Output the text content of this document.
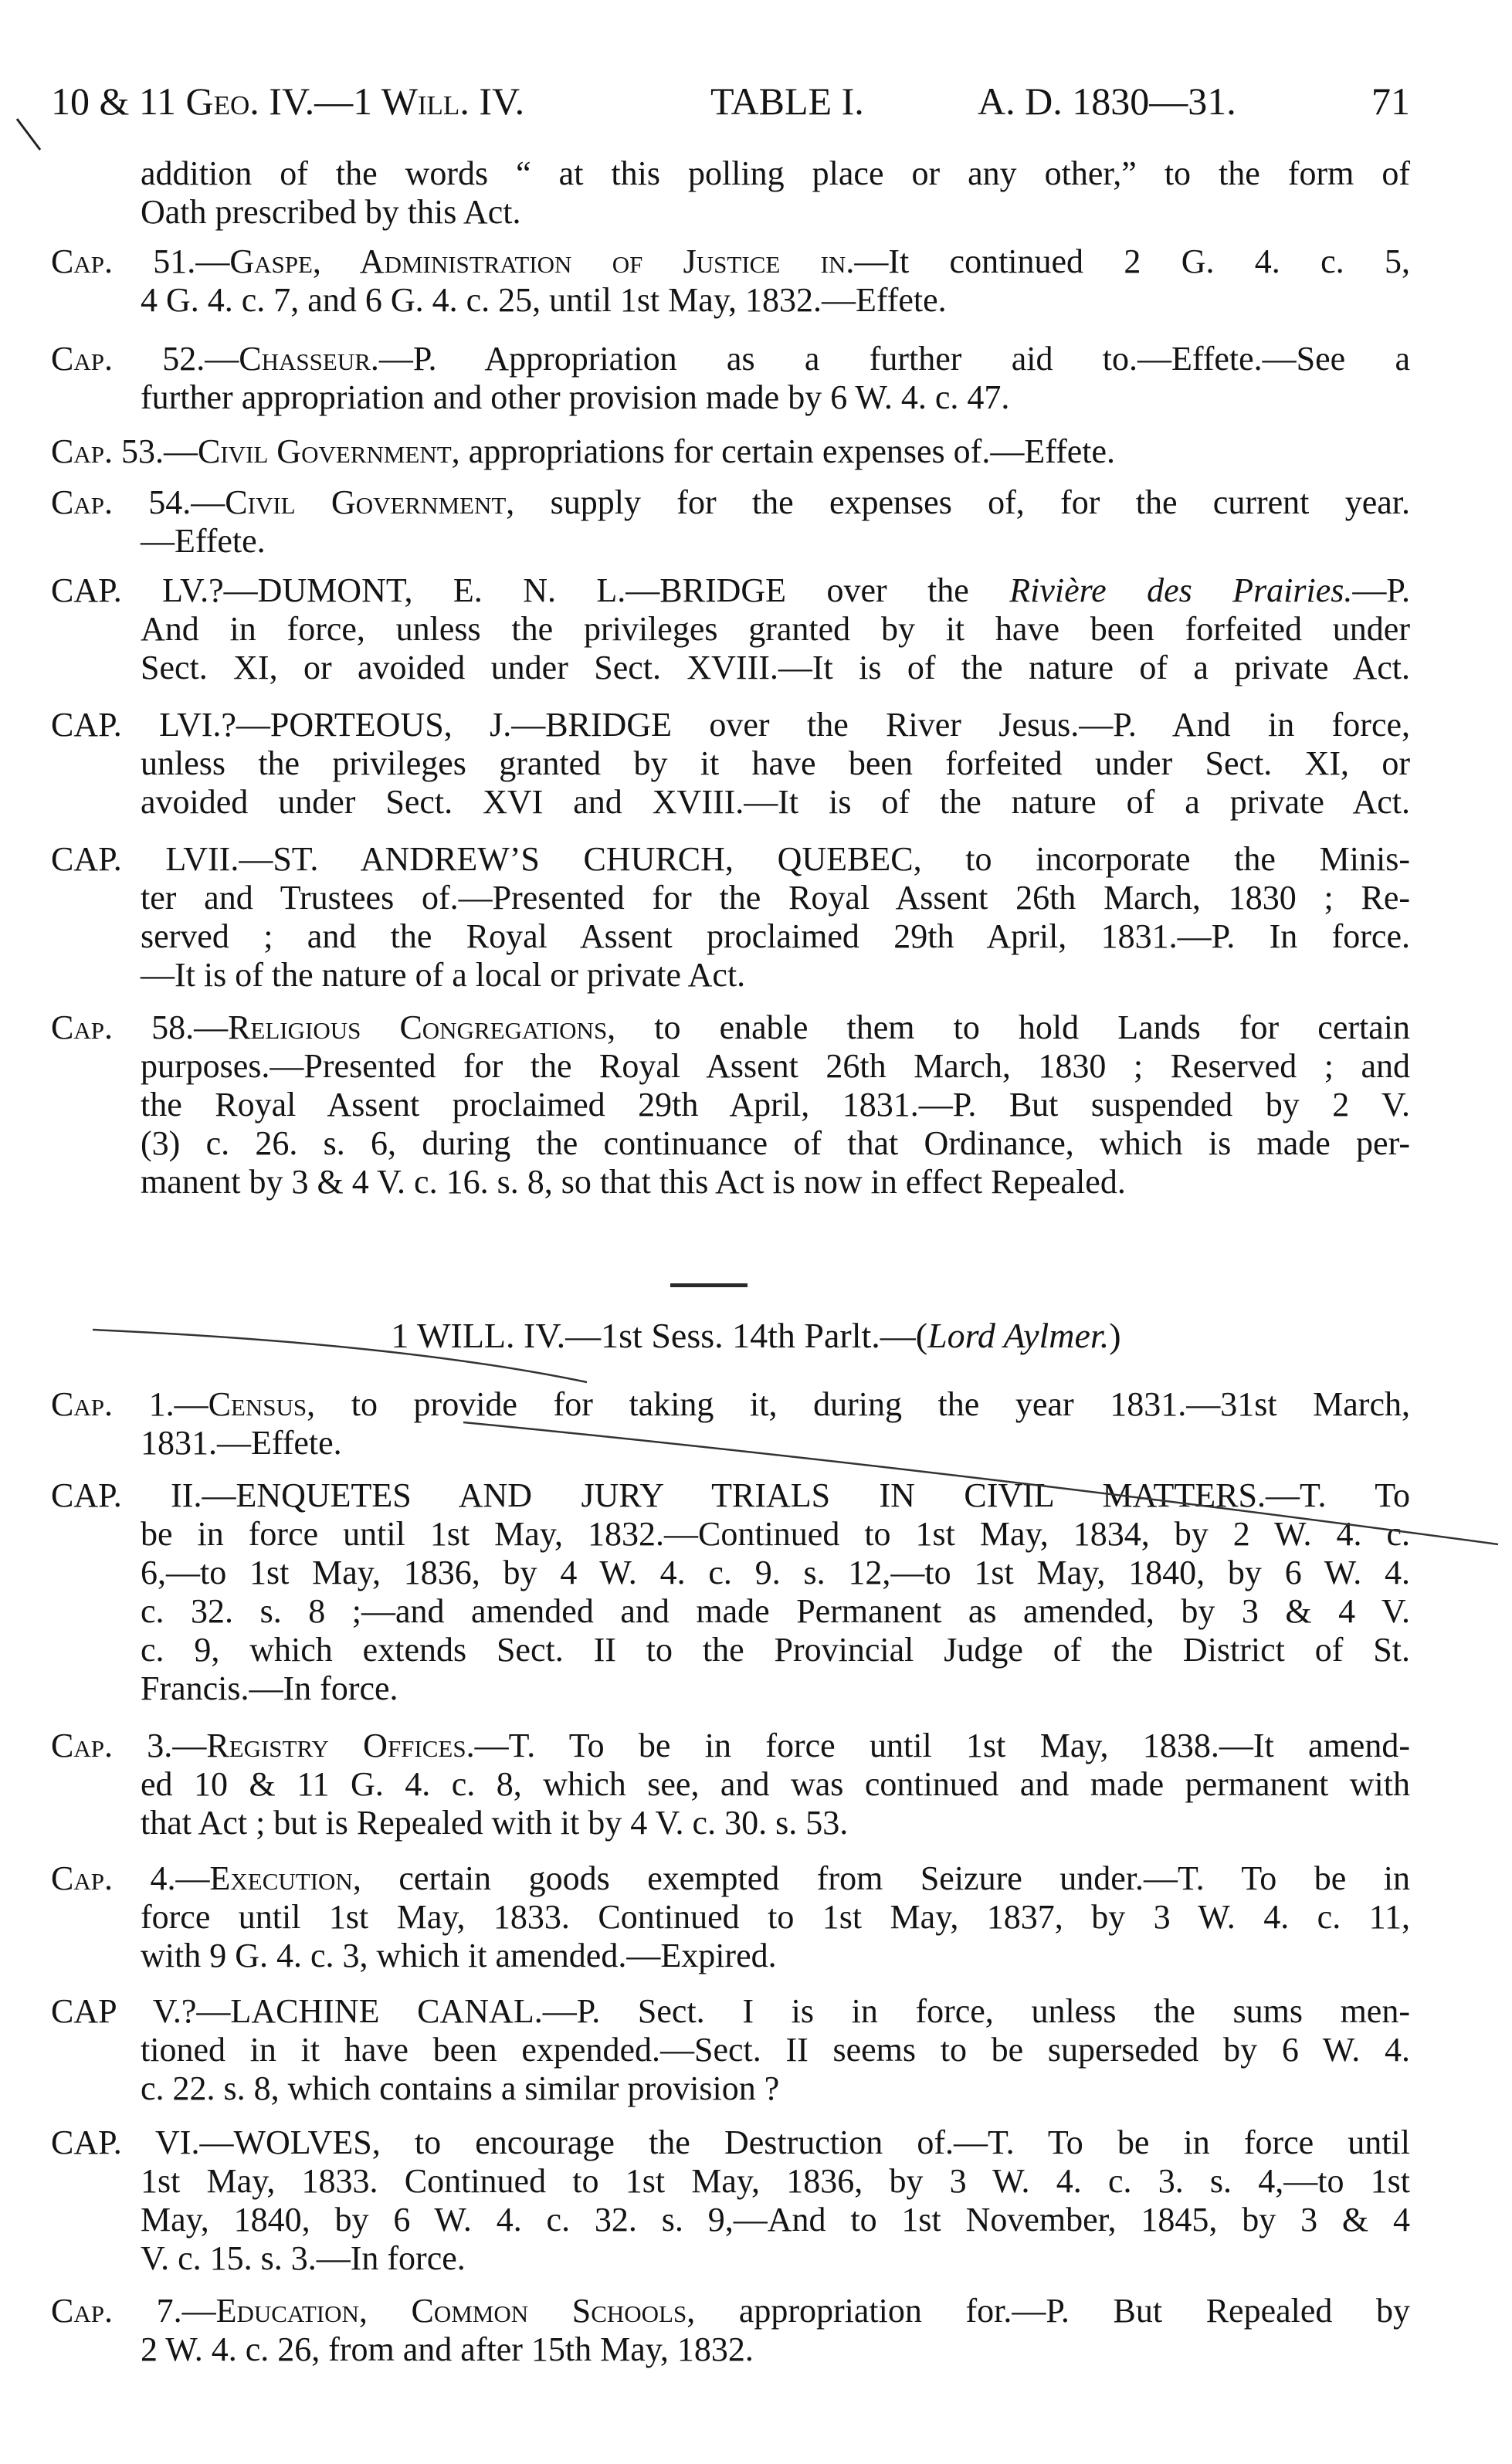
10 & 11 Geo. IV.—1 Will. IV.	TABLE I.	A. D. 1830—31.	71
addition of the words “ at this polling place or any other,” to the form of
Oath prescribed by this Act.
Cap. 51.—Gaspe, Administration of Justice in.—It continued 2 G. 4. c. 5,
4 G. 4. c. 7, and 6 G. 4. c. 25, until 1st May, 1832.—Effete.
Cap. 52.—Chasseur.—P. Appropriation as a further aid to.—Effete.—See a
further appropriation and other provision made by 6 W. 4. c. 47.
Cap. 53.—Civil Government, appropriations for certain expenses of.—Effete.
Cap. 54.—Civil Government, supply for the expenses of, for the current year.
—Effete.
CAP. LV.?—DUMONT, E. N. L.—BRIDGE over the Rivière des Prairies.—P.
And in force, unless the privileges granted by it have been forfeited under
Sect. XI, or avoided under Sect. XVIII.—It is of the nature of a private Act.
CAP. LVI.?—PORTEOUS, J.—BRIDGE over the River Jesus.—P. And in force,
unless the privileges granted by it have been forfeited under Sect. XI, or
avoided under Sect. XVI and XVIII.—It is of the nature of a private Act.
CAP. LVII.—ST. ANDREW’S CHURCH, QUEBEC, to incorporate the Minis-
ter and Trustees of.—Presented for the Royal Assent 26th March, 1830 ; Re-
served ; and the Royal Assent proclaimed 29th April, 1831.—P. In force.
—It is of the nature of a local or private Act.
Cap. 58.—Religious Congregations, to enable them to hold Lands for certain
purposes.—Presented for the Royal Assent 26th March, 1830 ; Reserved ; and
the Royal Assent proclaimed 29th April, 1831.—P. But suspended by 2 V.
(3) c. 26. s. 6, during the continuance of that Ordinance, which is made per-
manent by 3 & 4 V. c. 16. s. 8, so that this Act is now in effect Repealed.
1 WILL. IV.—1st Sess. 14th Parlt.—(Lord Aylmer.)
Cap. 1.—Census, to provide for taking it, during the year 1831.—31st March,
1831.—Effete.
CAP. II.—ENQUETES AND JURY TRIALS IN CIVIL MATTERS.—T. To
be in force until 1st May, 1832.—Continued to 1st May, 1834, by 2 W. 4. c.
6,—to 1st May, 1836, by 4 W. 4. c. 9. s. 12,—to 1st May, 1840, by 6 W. 4.
c. 32. s. 8 ;—and amended and made Permanent as amended, by 3 & 4 V.
c. 9, which extends Sect. II to the Provincial Judge of the District of St.
Francis.—In force.
Cap. 3.—Registry Offices.—T. To be in force until 1st May, 1838.—It amend-
ed 10 & 11 G. 4. c. 8, which see, and was continued and made permanent with
that Act ; but is Repealed with it by 4 V. c. 30. s. 53.
Cap. 4.—Execution, certain goods exempted from Seizure under.—T. To be in
force until 1st May, 1833. Continued to 1st May, 1837, by 3 W. 4. c. 11,
with 9 G. 4. c. 3, which it amended.—Expired.
CAP V.?—LACHINE CANAL.—P. Sect. I is in force, unless the sums men-
tioned in it have been expended.—Sect. II seems to be superseded by 6 W. 4.
c. 22. s. 8, which contains a similar provision ?
CAP. VI.—WOLVES, to encourage the Destruction of.—T. To be in force until
1st May, 1833. Continued to 1st May, 1836, by 3 W. 4. c. 3. s. 4,—to 1st
May, 1840, by 6 W. 4. c. 32. s. 9,—And to 1st November, 1845, by 3 & 4
V. c. 15. s. 3.—In force.
Cap. 7.—Education, Common Schools, appropriation for.—P. But Repealed by
2 W. 4. c. 26, from and after 15th May, 1832.
